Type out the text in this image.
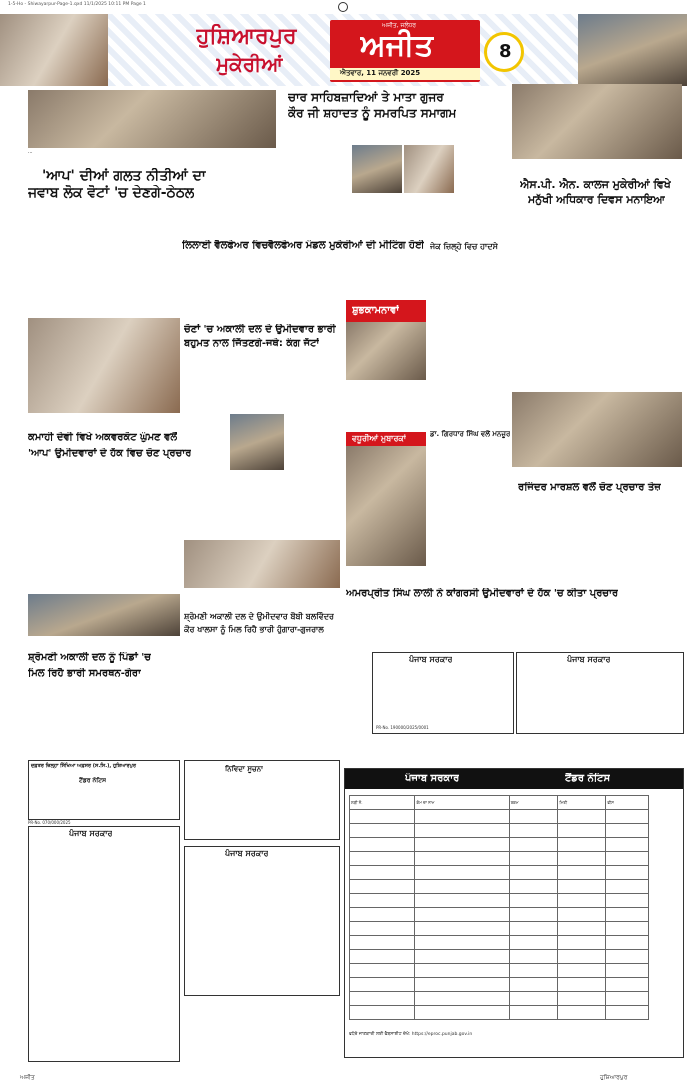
1-5-Ho - Shiwayarpur-Page-1.qxd 11/1/2025 10:11 PM Page 1
ਹੁਸ਼ਿਆਰਪੁਰ
ਮੁਕੇਰੀਆਂ
ਅਜੀਤ, ਜਲੰਧਰ
ਅਜੀਤ
ਐਤਵਾਰ, 11 ਜਨਵਰੀ 2025
8
...
'ਆਪ' ਦੀਆਂ ਗਲਤ ਨੀਤੀਆਂ ਦਾ
ਜਵਾਬ ਲੋਕ ਵੋਟਾਂ 'ਚ ਦੇਣਗੇ-ਠੇਠਲ
ਚਾਰ ਸਾਹਿਬਜ਼ਾਦਿਆਂ ਤੇ ਮਾਤਾ ਗੁਜਰ
ਕੌਰ ਜੀ ਸ਼ਹਾਦਤ ਨੂੰ ਸਮਰਪਿਤ ਸਮਾਗਮ
ਐਸ.ਪੀ. ਐਨ. ਕਾਲਜ ਮੁਕੇਰੀਆਂ ਵਿਖੇ
ਮਨੁੱਖੀ ਅਧਿਕਾਰ ਦਿਵਸ ਮਨਾਇਆ
ਲਿਲਾਈ ਵੈਲਫੇਅਰ ਵਿਚ ਵੈਲਫੇਅਰ ਮੰਡਲ ਮੁਕੇਰੀਆਂ ਦੀ ਮੀਟਿੰਗ ਹੋਈ ਜੇਕ ਜ਼ਿਲ੍ਹੇ ਵਿਚ ਹਾਦਸੇ
ਚੋਣਾਂ 'ਚ ਅਕਾਲੀ ਦਲ ਦੇ ਉਮੀਦਵਾਰ ਭਾਰੀ
ਬਹੁਮਤ ਨਾਲ ਜਿੱਤਣਗੇ-ਜਥੇ: ਕੰਗ ਜੱਟਾਂ
ਸ਼ੁਭਕਾਮਨਾਵਾਂ
ਡਾ. ਗਿਰਧਾਰ ਸਿੰਘ ਵਲੋਂ ਮਨਜ਼ੂਰ
ਕਮਾਹੀ ਦੇਵੀ ਵਿਖੇ ਅਕਵਰਕੋਟ ਘੁੰਮਣ ਵਲੋਂ
'ਆਪ' ਉਮੀਦਵਾਰਾਂ ਦੇ ਹੱਕ ਵਿਚ ਚੋਣ ਪ੍ਰਚਾਰ
ਵਧੂਰੀਆਂ ਮੁਬਾਰਕਾਂ
ਰਜਿੰਦਰ ਮਾਰਸ਼ਲ ਵਲੋਂ ਚੋਣ ਪ੍ਰਚਾਰ ਤੇਜ਼
ਸ਼੍ਰੋਮਣੀ ਅਕਾਲੀ ਦਲ ਨੂੰ ਪਿੰਡਾਂ 'ਚ
ਮਿਲ ਰਿਹੈ ਭਾਰੀ ਸਮਰਥਨ-ਗੇਰਾ
ਸ਼੍ਰੋਮਣੀ ਅਕਾਲੀ ਦਲ ਦੇ ਉਮੀਦਵਾਰ ਬੌਬੀ ਬਲਵਿੰਦਰ
ਕੌਰ ਖਾਲਸਾ ਨੂੰ ਮਿਲ ਰਿਹੈ ਭਾਰੀ ਹੁੰਗਾਰਾ-ਗੁਜਰਾਲ
ਅਮਰਪ੍ਰੀਤ ਸਿੰਘ ਲਾਲੀ ਨੇ ਕਾਂਗਰਸੀ ਉਮੀਦਵਾਰਾਂ ਦੇ ਹੱਕ 'ਚ ਕੀਤਾ ਪ੍ਰਚਾਰ
ਪੰਜਾਬ ਸਰਕਾਰ
PR-No. 190000/2025/0001
ਪੰਜਾਬ ਸਰਕਾਰ
ਦਫ਼ਤਰ ਜ਼ਿਲ੍ਹਾ ਸਿੱਖਿਆ ਅਫ਼ਸਰ (ਸ.ਸਿ.), ਹੁਸ਼ਿਆਰਪੁਰ
ਟੈਂਡਰ ਨੋਟਿਸ
PR-No. 070/000/2025
ਨਿਵਿਦਾ ਸੂਚਨਾ
ਪੰਜਾਬ ਸਰਕਾਰ
ਪੰਜਾਬ ਸਰਕਾਰ
ਪੰਜਾਬ ਸਰਕਾਰ	ਟੈਂਡਰ ਨੋਟਿਸ
ਲੜੀ ਨੰ.	ਕੰਮ ਦਾ ਨਾਮ	ਰਕਮ	ਮਿਤੀ	ਫੀਸ

ਵਧੇਰੇ ਜਾਣਕਾਰੀ ਲਈ ਵੈਬਸਾਈਟ ਦੇਖੋ: https://eproc.punjab.gov.in
ਅਜੀਤ	ਹੁਸ਼ਿਆਰਪੁਰ
